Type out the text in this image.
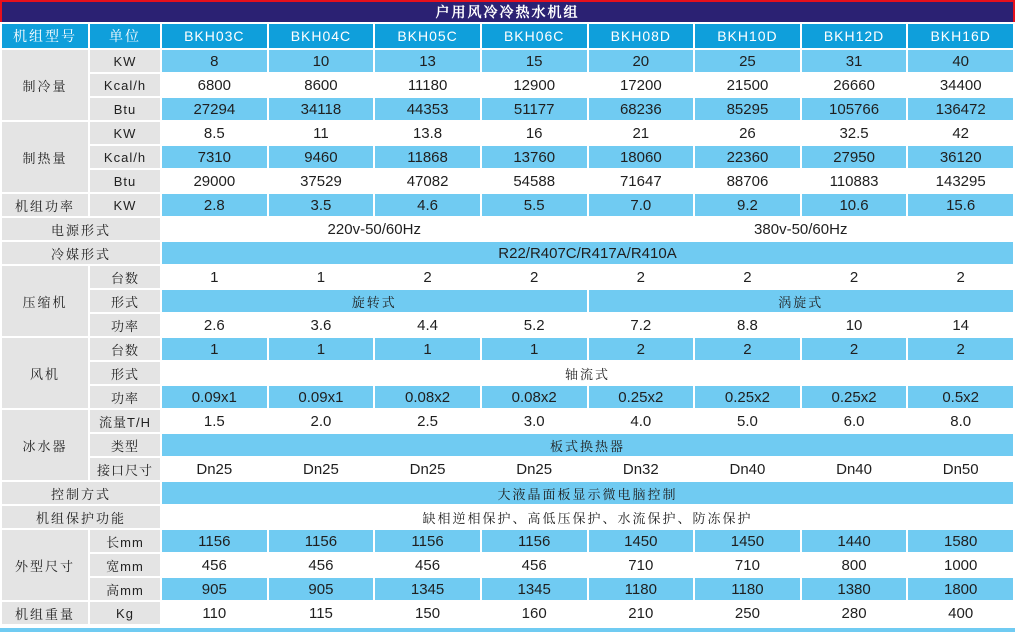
户用风冷冷热水机组
机组型号	单位	BKH03C	BKH04C	BKH05C	BKH06C	BKH08D	BKH10D	BKH12D	BKH16D
制冷量	KW	8	10	13	15	20	25	31	40
	Kcal/h	6800	8600	11180	12900	17200	21500	26660	34400
	Btu	27294	34118	44353	51177	68236	85295	105766	136472
制热量	KW	8.5	11	13.8	16	21	26	32.5	42
	Kcal/h	7310	9460	11868	13760	18060	22360	27950	36120
	Btu	29000	37529	47082	54588	71647	88706	110883	143295
机组功率	KW	2.8	3.5	4.6	5.5	7.0	9.2	10.6	15.6
电源形式		220v-50/60Hz				380v-50/60Hz			
冷媒形式		R22/R407C/R417A/R410A							
压缩机	台数	1	1	2	2	2	2	2	2
	形式	旋转式				涡旋式			
	功率	2.6	3.6	4.4	5.2	7.2	8.8	10	14
风机	台数	1	1	1	1	2	2	2	2
	形式	轴流式							
	功率	0.09x1	0.09x1	0.08x2	0.08x2	0.25x2	0.25x2	0.25x2	0.5x2
冰水器	流量T/H	1.5	2.0	2.5	3.0	4.0	5.0	6.0	8.0
	类型	板式换热器							
	接口尺寸	Dn25	Dn25	Dn25	Dn25	Dn32	Dn40	Dn40	Dn50
控制方式		大液晶面板显示微电脑控制							
机组保护功能		缺相逆相保护、高低压保护、水流保护、防冻保护							
外型尺寸	长mm	1156	1156	1156	1156	1450	1450	1440	1580
	宽mm	456	456	456	456	710	710	800	1000
	高mm	905	905	1345	1345	1180	1180	1380	1800
机组重量	Kg	110	115	150	160	210	250	280	400
